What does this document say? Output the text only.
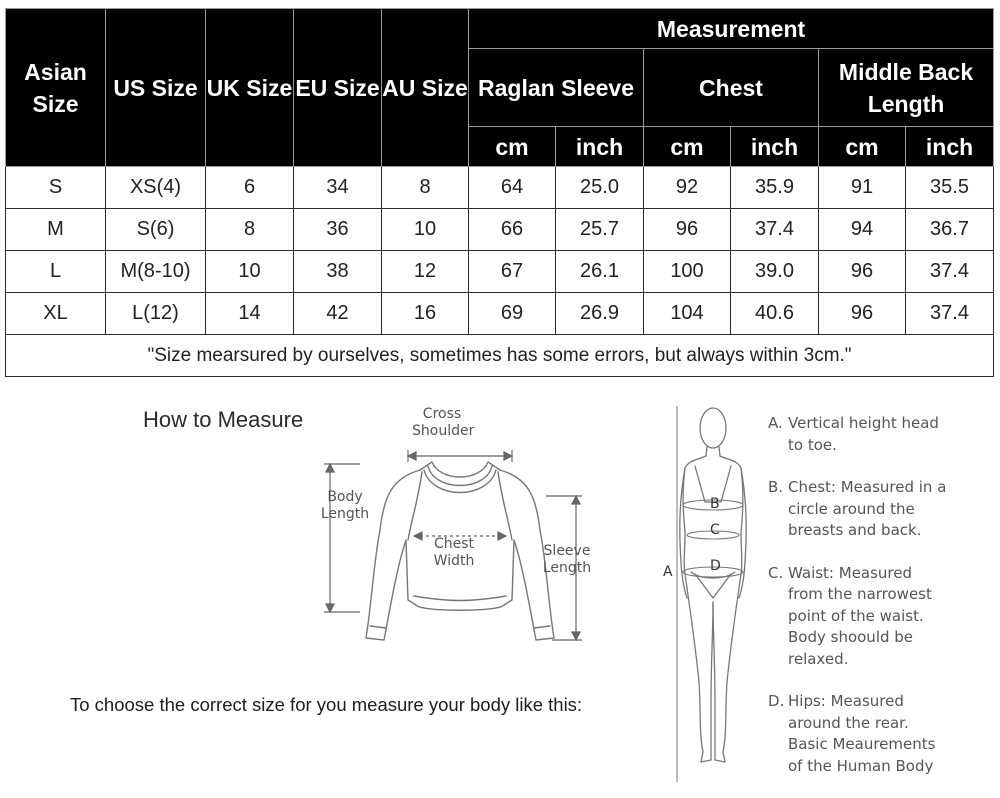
Asian Size	US Size	UK Size	EU Size	AU Size	Measurement					
					Raglan Sleeve		Chest		Middle Back Length	
					cm	inch	cm	inch	cm	inch
S	XS(4)	6	34	8	64	25.0	92	35.9	91	35.5
M	S(6)	8	36	10	66	25.7	96	37.4	94	36.7
L	M(8-10)	10	38	12	67	26.1	100	39.0	96	37.4
XL	L(12)	14	42	16	69	26.9	104	40.6	96	37.4
"Size mearsured by ourselves, sometimes has some errors, but always within 3cm."										
How to Measure	Cross
Shoulder
Body
Length
Chest
Width
Sleeve
Length
To choose the correct size for you measure your body like this:
A
B
C
D
A. Vertical height head
to toe.
B. Chest: Measured in a
circle around the
breasts and back.
C. Waist: Measured
from the narrowest
point of the waist.
Body shoould be
relaxed.
D. Hips: Measured
around the rear.
Basic Meaurements
of the Human Body
